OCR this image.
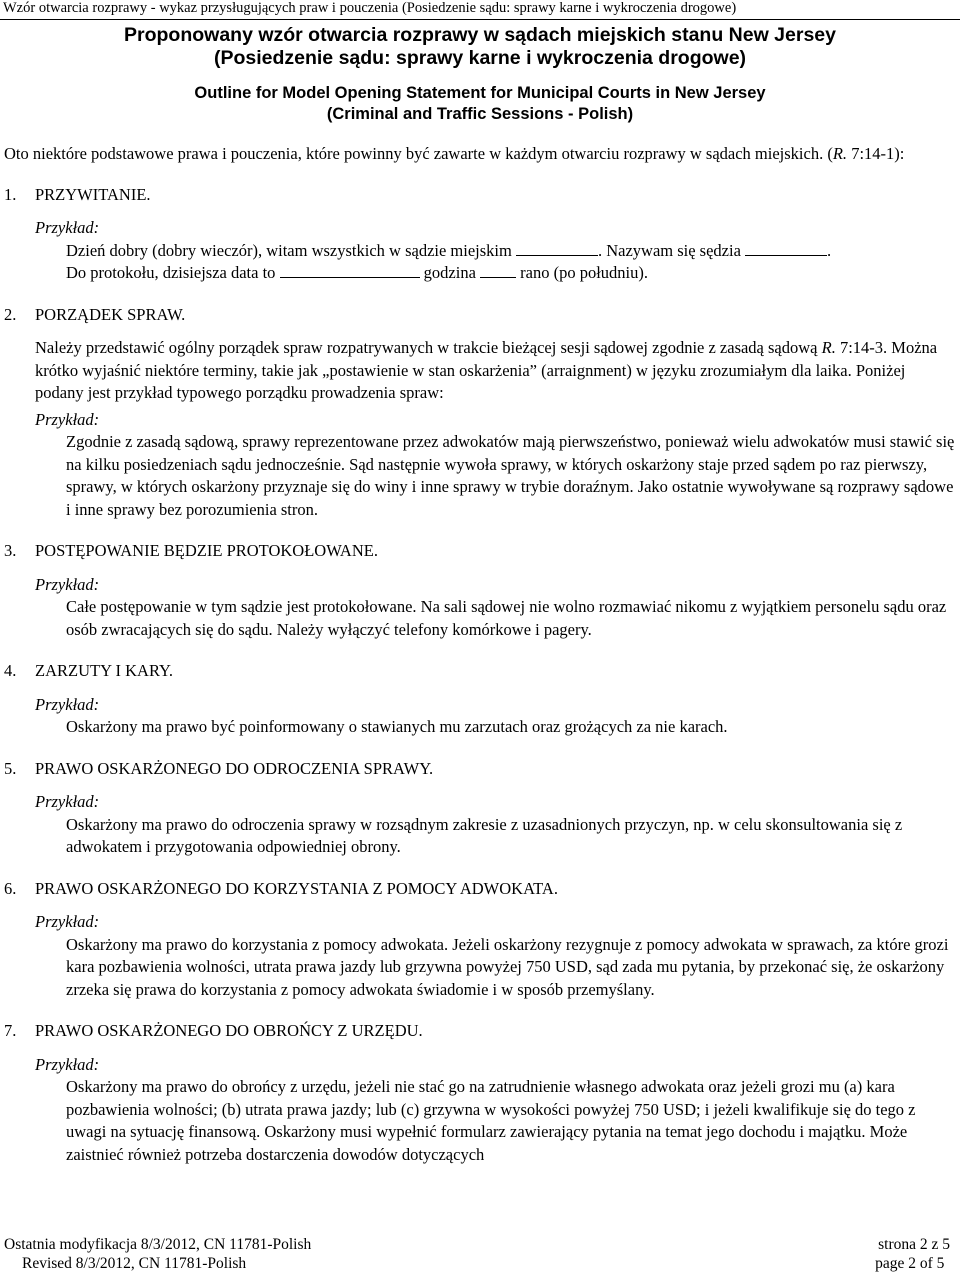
Wzór otwarcia rozprawy - wykaz przysługujących praw i pouczenia (Posiedzenie sądu: sprawy karne i wykroczenia drogowe)
Proponowany wzór otwarcia rozprawy w sądach miejskich stanu New Jersey
(Posiedzenie sądu: sprawy karne i wykroczenia drogowe)
Outline for Model Opening Statement for Municipal Courts in New Jersey
(Criminal and Traffic Sessions - Polish)

Oto niektóre podstawowe prawa i pouczenia, które powinny być zawarte w każdym otwarciu rozprawy w sądach miejskich. (R. 7:14-1):

1. PRZYWITANIE.
Przykład:
Dzień dobry (dobry wieczór), witam wszystkich w sądzie miejskim	. Nazywam się sędzia	.
Do protokołu, dzisiejsza data to	godzina	rano (po południu).
2. PORZĄDEK SPRAW.

Należy przedstawić ogólny porządek spraw rozpatrywanych w trakcie bieżącej sesji sądowej zgodnie z zasadą sądową R. 7:14-3. Można krótko wyjaśnić niektóre terminy, takie jak „postawienie w stan oskarżenia” (arraignment) w języku zrozumiałym dla laika. Poniżej podany jest przykład typowego porządku prowadzenia spraw:

Przykład:

Zgodnie z zasadą sądową, sprawy reprezentowane przez adwokatów mają pierwszeństwo, ponieważ wielu adwokatów musi stawić się na kilku posiedzeniach sądu jednocześnie. Sąd następnie wywoła sprawy, w których oskarżony staje przed sądem po raz pierwszy, sprawy, w których oskarżony przyznaje się do winy i inne sprawy w trybie doraźnym. Jako ostatnie wywoływane są rozprawy sądowe i inne sprawy bez porozumienia stron.

3. POSTĘPOWANIE BĘDZIE PROTOKOŁOWANE.
Przykład:

Całe postępowanie w tym sądzie jest protokołowane. Na sali sądowej nie wolno rozmawiać nikomu z wyjątkiem personelu sądu oraz osób zwracających się do sądu. Należy wyłączyć telefony komórkowe i pagery.

4. ZARZUTY I KARY.
Przykład:

Oskarżony ma prawo być poinformowany o stawianych mu zarzutach oraz grożących za nie karach.

5. PRAWO OSKARŻONEGO DO ODROCZENIA SPRAWY.
Przykład:

Oskarżony ma prawo do odroczenia sprawy w rozsądnym zakresie z uzasadnionych przyczyn, np. w celu skonsultowania się z adwokatem i przygotowania odpowiedniej obrony.

6. PRAWO OSKARŻONEGO DO KORZYSTANIA Z POMOCY ADWOKATA.
Przykład:

Oskarżony ma prawo do korzystania z pomocy adwokata. Jeżeli oskarżony rezygnuje z pomocy adwokata w sprawach, za które grozi kara pozbawienia wolności, utrata prawa jazdy lub grzywna powyżej 750 USD, sąd zada mu pytania, by przekonać się, że oskarżony zrzeka się prawa do korzystania z pomocy adwokata świadomie i w sposób przemyślany.

7. PRAWO OSKARŻONEGO DO OBROŃCY Z URZĘDU.
Przykład:

Oskarżony ma prawo do obrońcy z urzędu, jeżeli nie stać go na zatrudnienie własnego adwokata oraz jeżeli grozi mu (a) kara pozbawienia wolności; (b) utrata prawa jazdy; lub (c) grzywna w wysokości powyżej 750 USD; i jeżeli kwalifikuje się do tego z uwagi na sytuację finansową. Oskarżony musi wypełnić formularz zawierający pytania na temat jego dochodu i majątku. Może zaistnieć również potrzeba dostarczenia dowodów dotyczących

Ostatnia modyfikacja 8/3/2012, CN 11781-Polish
Revised 8/3/2012, CN 11781-Polish
strona 2 z 5
page 2 of 5
